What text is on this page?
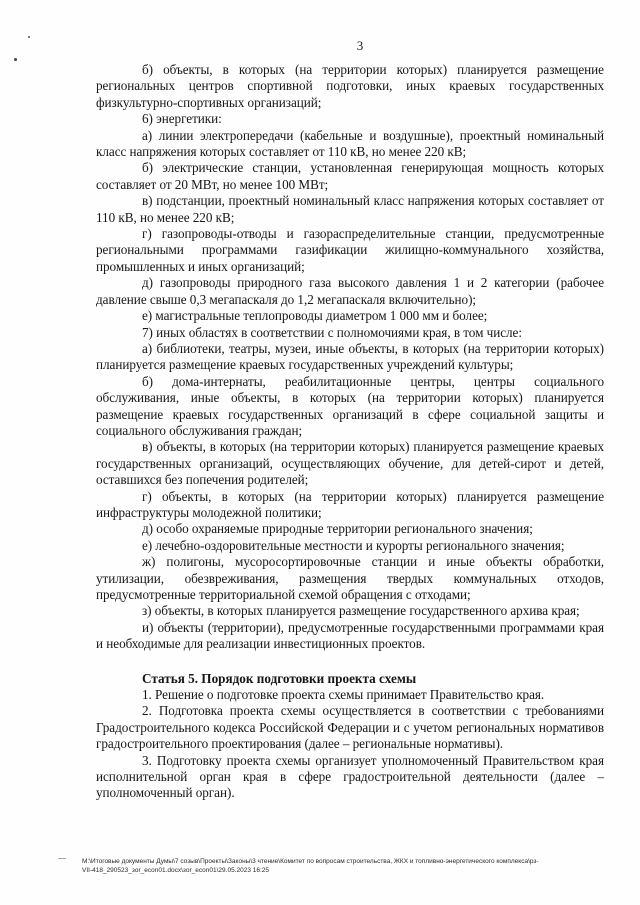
3

б) объекты, в которых (на территории которых) планируется размещение региональных центров спортивной подготовки, иных краевых государственных физкультурно-спортивных организаций;

6) энергетики:

а) линии электропередачи (кабельные и воздушные), проектный номинальный класс напряжения которых составляет от 110 кВ, но менее 220 кВ;

б) электрические станции, установленная генерирующая мощность которых составляет от 20 МВт, но менее 100 МВт;

в) подстанции, проектный номинальный класс напряжения которых составляет от 110 кВ, но менее 220 кВ;

г) газопроводы-отводы и газораспределительные станции, предусмотренные региональными программами газификации жилищно-коммунального хозяйства, промышленных и иных организаций;

д) газопроводы природного газа высокого давления 1 и 2 категории (рабочее давление свыше 0,3 мегапаскаля до 1,2 мегапаскаля включительно);

е) магистральные теплопроводы диаметром 1 000 мм и более;

7) иных областях в соответствии с полномочиями края, в том числе:

а) библиотеки, театры, музеи, иные объекты, в которых (на территории которых) планируется размещение краевых государственных учреждений культуры;

б) дома-интернаты, реабилитационные центры, центры социального обслуживания, иные объекты, в которых (на территории которых) планируется размещение краевых государственных организаций в сфере социальной защиты и социального обслуживания граждан;

в) объекты, в которых (на территории которых) планируется размещение краевых государственных организаций, осуществляющих обучение, для детей-сирот и детей, оставшихся без попечения родителей;

г) объекты, в которых (на территории которых) планируется размещение инфраструктуры молодежной политики;

д) особо охраняемые природные территории регионального значения;

е) лечебно-оздоровительные местности и курорты регионального значения;

ж) полигоны, мусоросортировочные станции и иные объекты обработки, утилизации, обезвреживания, размещения твердых коммунальных отходов, предусмотренные территориальной схемой обращения с отходами;

з) объекты, в которых планируется размещение государственного архива края;

и) объекты (территории), предусмотренные государственными программами края и необходимые для реализации инвестиционных проектов.

Статья 5. Порядок подготовки проекта схемы

1. Решение о подготовке проекта схемы принимает Правительство края.

2. Подготовка проекта схемы осуществляется в соответствии с требованиями Градостроительного кодекса Российской Федерации и с учетом региональных нормативов градостроительного проектирования (далее – региональные нормативы).

3. Подготовку проекта схемы организует уполномоченный Правительством края исполнительной орган края в сфере градостроительной деятельности (далее – уполномоченный орган).

~~ M:\Итоговые документы Думы\7 созыв\Проекты\Законы\3 чтение\Комитет по вопросам строительства, ЖКХ и топливно-энергетического комплекса\рз-
VII-418_290523_зor_econ01.docx\зor_econ01\29.05.2023 16:25
